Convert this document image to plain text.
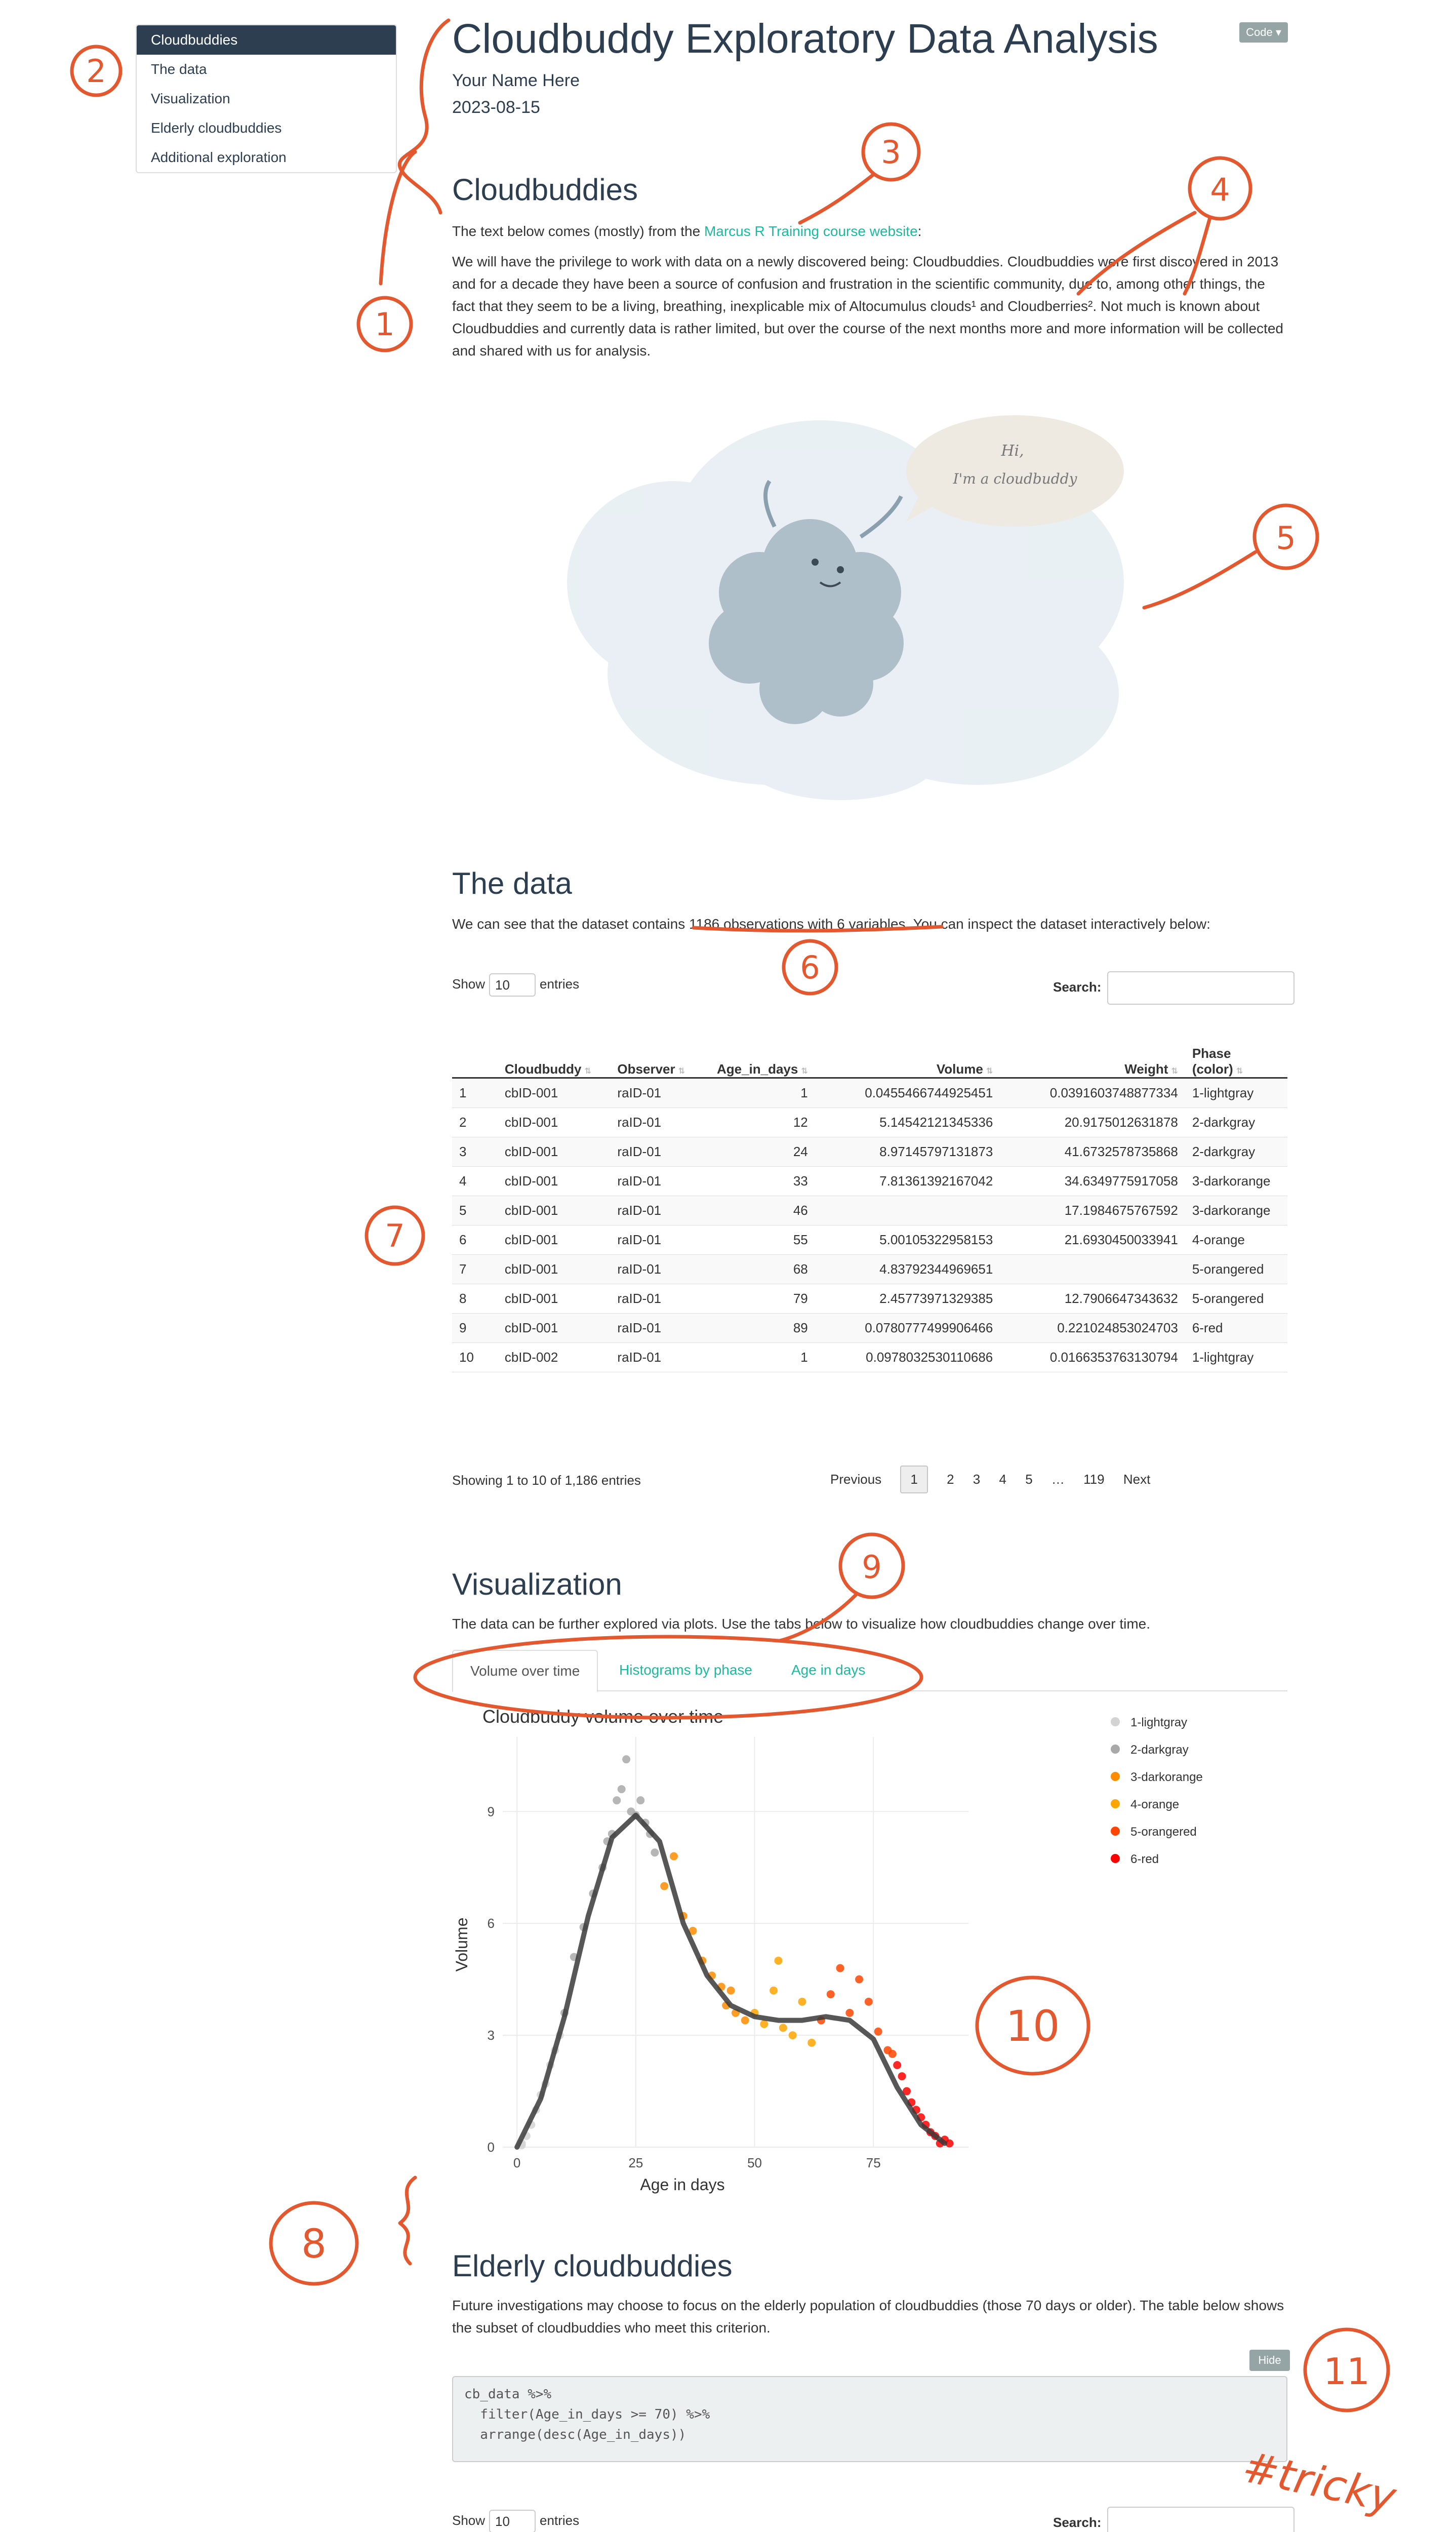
Cloudbuddies
The data
Visualization
Elderly cloudbuddies
Additional exploration
Code ▾
Cloudbuddy Exploratory Data Analysis
Your Name Here
2023-08-15
Cloudbuddies
The text below comes (mostly) from the Marcus R Training course website:
We will have the privilege to work with data on a newly discovered being: Cloudbuddies. Cloudbuddies were first discovered in 2013 and for a decade they have been a source of confusion and frustration in the scientific community, due to, among other things, the fact that they seem to be a living, breathing, inexplicable mix of Altocumulus clouds¹ and Cloudberries². Not much is known about Cloudbuddies and currently data is rather limited, but over the course of the next months more and more information will be collected and shared with us for analysis.
Hi,
I'm a cloudbuddy
The data
We can see that the dataset contains 1186 observations with 6 variables. You can inspect the dataset interactively below:
Show 10 entries	Search:
	Cloudbuddy ⇅	Observer ⇅	Age_in_days ⇅	Volume ⇅	Weight ⇅	Phase (color) ⇅
1	cbID-001	raID-01	1	0.0455466744925451	0.0391603748877334	1-lightgray
2	cbID-001	raID-01	12	5.14542121345336	20.9175012631878	2-darkgray
3	cbID-001	raID-01	24	8.97145797131873	41.6732578735868	2-darkgray
4	cbID-001	raID-01	33	7.81361392167042	34.6349775917058	3-darkorange
5	cbID-001	raID-01	46		17.1984675767592	3-darkorange
6	cbID-001	raID-01	55	5.00105322958153	21.6930450033941	4-orange
7	cbID-001	raID-01	68	4.83792344969651		5-orangered
8	cbID-001	raID-01	79	2.45773971329385	12.7906647343632	5-orangered
9	cbID-001	raID-01	89	0.0780777499906466	0.221024853024703	6-red
10	cbID-002	raID-01	1	0.0978032530110686	0.0166353763130794	1-lightgray
Showing 1 to 10 of 1,186 entries	Previous 1 2 3 4 5 … 119 Next
Visualization
The data can be further explored via plots. Use the tabs below to visualize how cloudbuddies change over time.
Volume over time	Histograms by phase	Age in days
Cloudbuddy volume over time
Age in days
Volume
0
3
6
9
0	25	50	75
1-lightgray
2-darkgray
3-darkorange
4-orange
5-orangered
6-red
Elderly cloudbuddies
Future investigations may choose to focus on the elderly population of cloudbuddies (those 70 days or older). The table below shows the subset of cloudbuddies who meet this criterion.
Hide
cb_data %>%
filter(Age_in_days >= 70) %>%
arrange(desc(Age_in_days))
Show 10 entries	Search:

1
2
3
4
5
6
7
9
10
8
11
#tricky
